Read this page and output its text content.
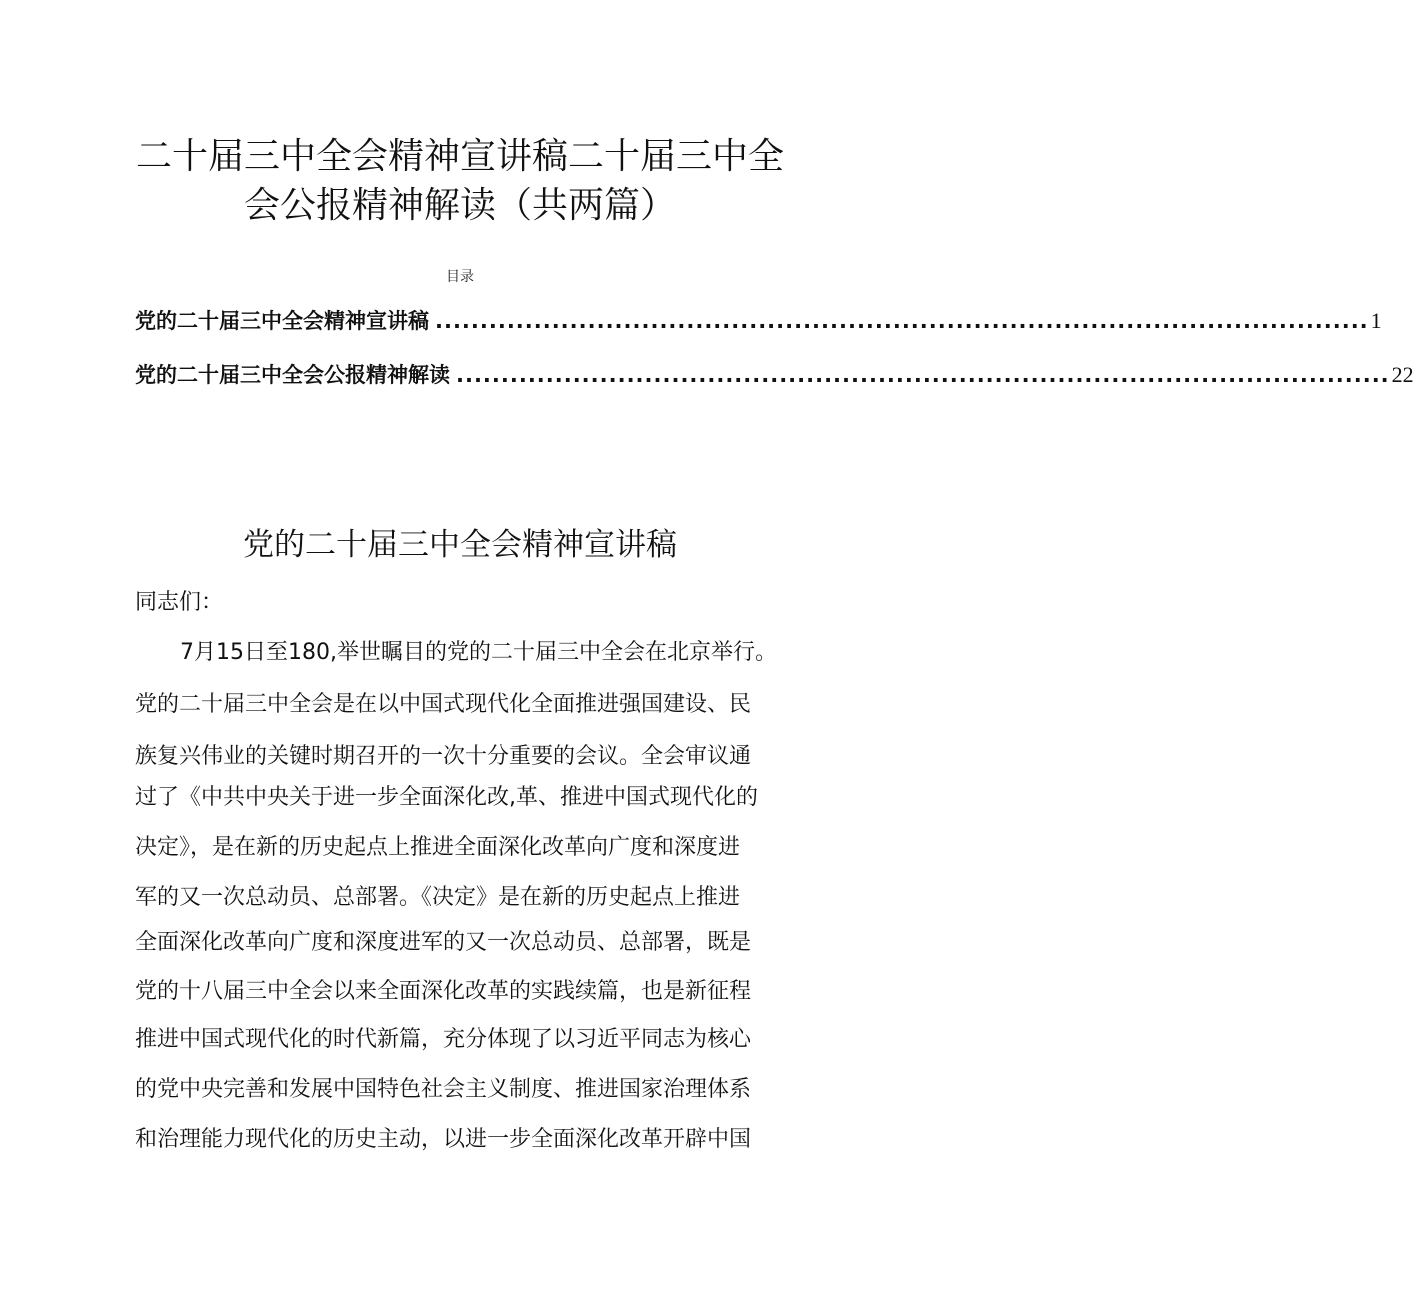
二十届三中全会精神宣讲稿二十届三中全
会公报精神解读（共两篇）
目录
党的二十届三中全会精神宣讲稿 ........................................................................................................ 1
党的二十届三中全会公报精神解读 ........................................................................................................ 22
党的二十届三中全会精神宣讲稿

同志们：

7月15日至180,举世瞩目的党的二十届三中全会在北京举行。

党的二十届三中全会是在以中国式现代化全面推进强国建设、民

族复兴伟业的关键时期召开的一次十分重要的会议。全会审议通

过了《中共中央关于进一步全面深化改,革、推进中国式现代化的

决定》，是在新的历史起点上推进全面深化改革向广度和深度进

军的又一次总动员、总部署。《决定》是在新的历史起点上推进

全面深化改革向广度和深度进军的又一次总动员、总部署，既是

党的十八届三中全会以来全面深化改革的实践续篇，也是新征程

推进中国式现代化的时代新篇，充分体现了以习近平同志为核心

的党中央完善和发展中国特色社会主义制度、推进国家治理体系

和治理能力现代化的历史主动，以进一步全面深化改革开辟中国
